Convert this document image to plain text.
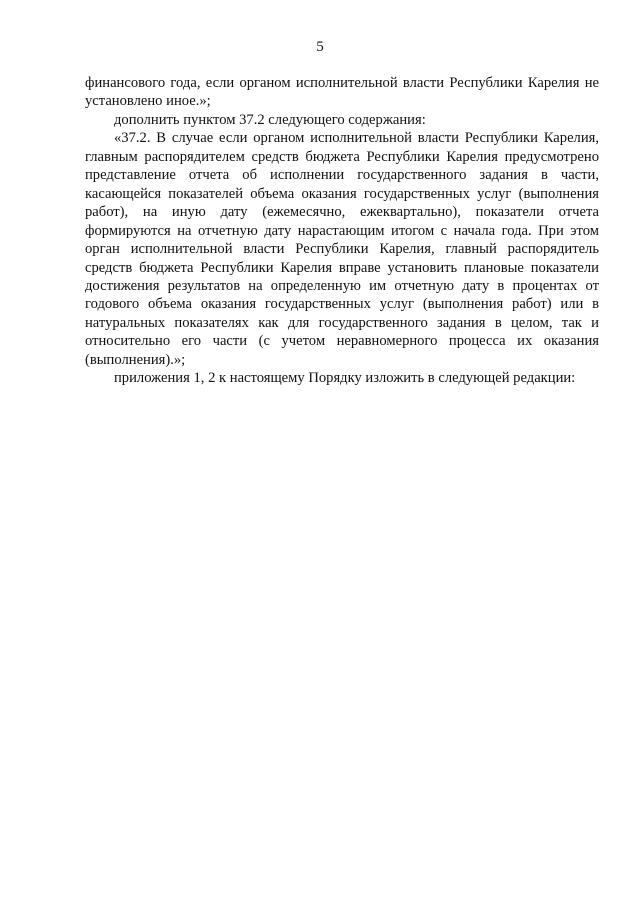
5
финансового года, если органом исполнительной власти Республики Карелия не
установлено иное.»;
дополнить пунктом 37.2 следующего содержания:
«37.2. В случае если органом исполнительной власти Республики Карелия,
главным распорядителем средств бюджета Республики Карелия предусмотрено
представление отчета об исполнении государственного задания в части,
касающейся показателей объема оказания государственных услуг (выполнения
работ), на иную дату (ежемесячно, ежеквартально), показатели отчета
формируются на отчетную дату нарастающим итогом с начала года. При этом
орган исполнительной власти Республики Карелия, главный распорядитель
средств бюджета Республики Карелия вправе установить плановые показатели
достижения результатов на определенную им отчетную дату в процентах от
годового объема оказания государственных услуг (выполнения работ) или в
натуральных показателях как для государственного задания в целом, так и
относительно его части (с учетом неравномерного процесса их оказания
(выполнения).»;
приложения 1, 2 к настоящему Порядку изложить в следующей редакции:
